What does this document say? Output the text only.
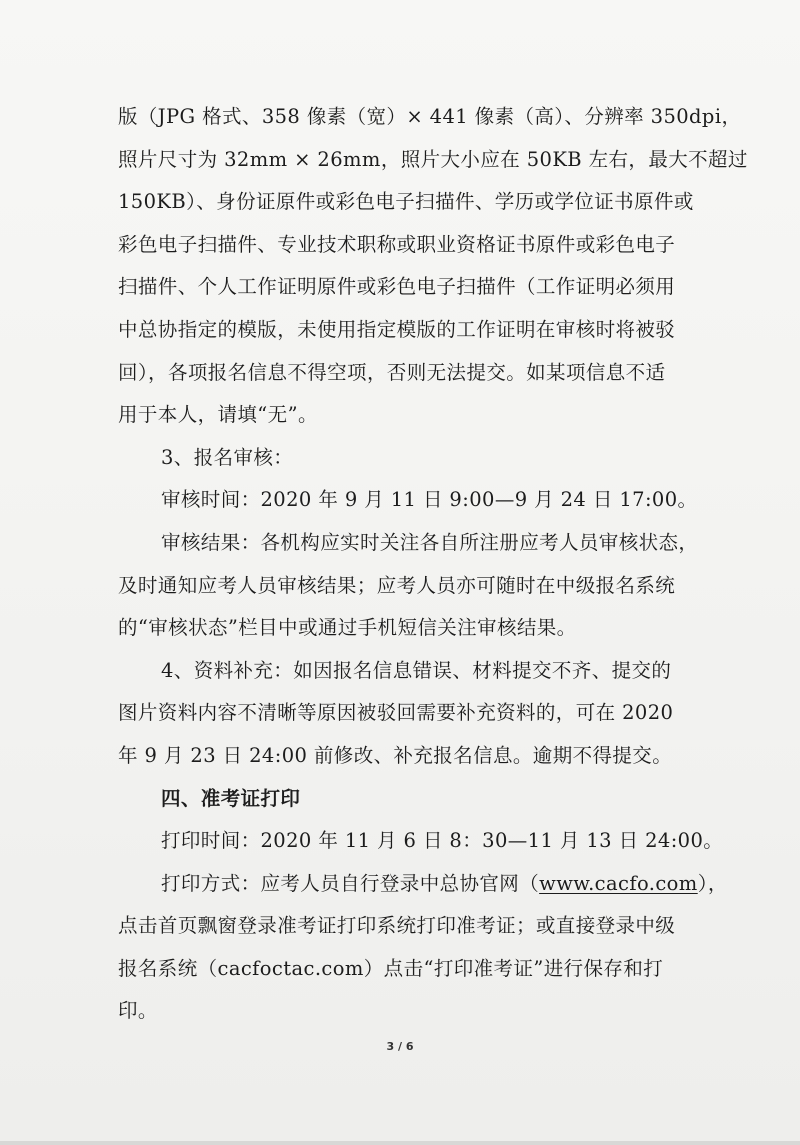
版（JPG 格式、358 像素（宽）× 441 像素（高）、分辨率 350dpi，
照片尺寸为 32mm × 26mm，照片大小应在 50KB 左右，最大不超过
150KB）、身份证原件或彩色电子扫描件、学历或学位证书原件或
彩色电子扫描件、专业技术职称或职业资格证书原件或彩色电子
扫描件、个人工作证明原件或彩色电子扫描件（工作证明必须用
中总协指定的模版，未使用指定模版的工作证明在审核时将被驳
回），各项报名信息不得空项，否则无法提交。如某项信息不适
用于本人，请填“无”。
3、报名审核：
审核时间：2020 年 9 月 11 日 9:00—9 月 24 日 17:00。
审核结果：各机构应实时关注各自所注册应考人员审核状态，
及时通知应考人员审核结果；应考人员亦可随时在中级报名系统
的“审核状态”栏目中或通过手机短信关注审核结果。
4、资料补充：如因报名信息错误、材料提交不齐、提交的
图片资料内容不清晰等原因被驳回需要补充资料的，可在 2020
年 9 月 23 日 24:00 前修改、补充报名信息。逾期不得提交。
四、准考证打印
打印时间：2020 年 11 月 6 日 8：30—11 月 13 日 24:00。
打印方式：应考人员自行登录中总协官网（www.cacfo.com），
点击首页飘窗登录准考证打印系统打印准考证；或直接登录中级
报名系统（cacfoctac.com）点击“打印准考证”进行保存和打
印。
3 / 6
